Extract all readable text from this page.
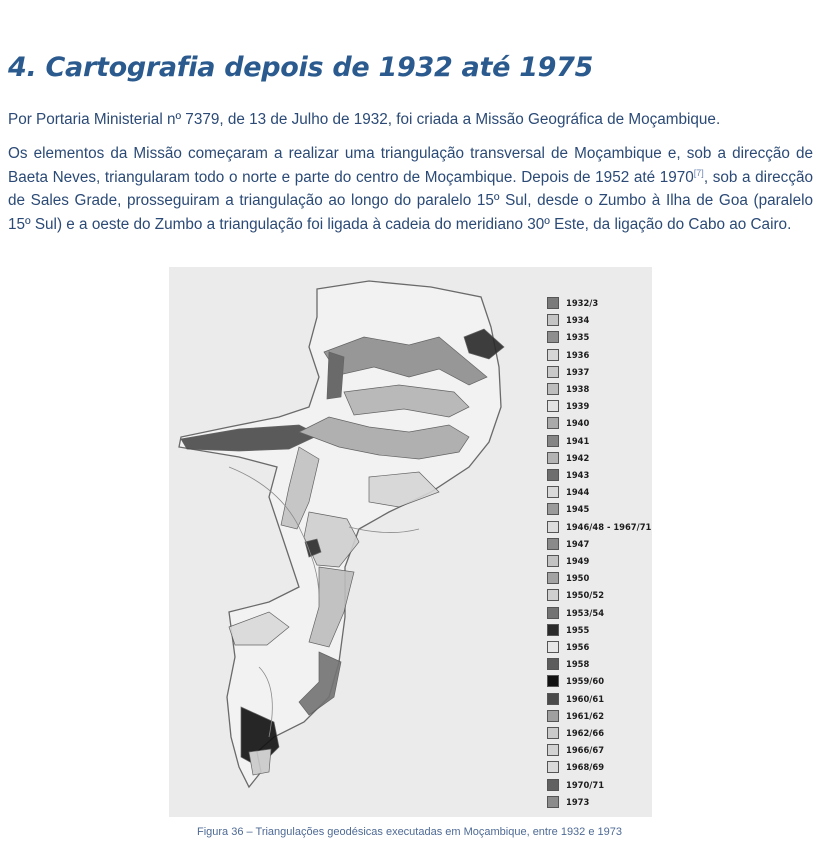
4. Cartografia depois de 1932 até 1975

Por Portaria Ministerial nº 7379, de 13 de Julho de 1932, foi criada a Missão Geográfica de Moçambique.

Os elementos da Missão começaram a realizar uma triangulação transversal de Moçambique e, sob a direcção de Baeta Neves, triangularam todo o norte e parte do centro de Moçambique. Depois de 1952 até 1970[7], sob a direcção de Sales Grade, prosseguiram a triangulação ao longo do paralelo 15º Sul, desde o Zumbo à Ilha de Goa (paralelo 15º Sul) e a oeste do Zumbo a triangulação foi ligada à cadeia do meridiano 30º Este, da ligação do Cabo ao Cairo.

1932/3
1934
1935
1936
1937
1938
1939
1940
1941
1942
1943
1944
1945
1946/48 - 1967/71
1947
1949
1950
1950/52
1953/54
1955
1956
1958
1959/60
1960/61
1961/62
1962/66
1966/67
1968/69
1970/71
1973

Figura 36 – Triangulações geodésicas executadas em Moçambique, entre 1932 e 1973
